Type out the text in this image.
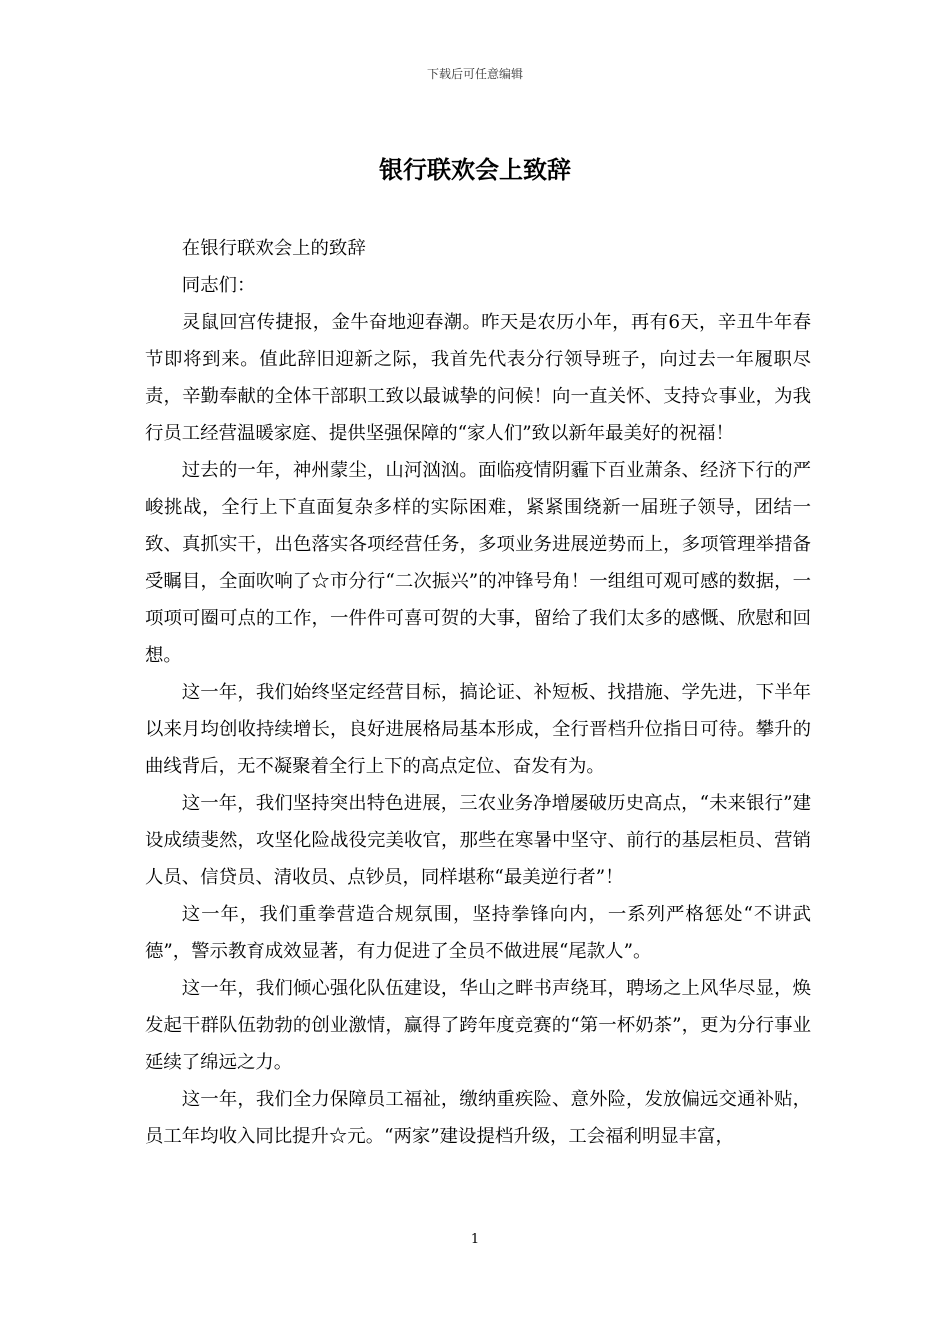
下载后可任意编辑
银行联欢会上致辞

在银行联欢会上的致辞

同志们：

灵鼠回宫传捷报，金牛奋地迎春潮。昨天是农历小年，再有6天，辛丑牛年春节即将到来。值此辞旧迎新之际，我首先代表分行领导班子，向过去一年履职尽责，辛勤奉献的全体干部职工致以最诚挚的问候！向一直关怀、支持☆事业，为我行员工经营温暖家庭、提供坚强保障的“家人们”致以新年最美好的祝福！

过去的一年，神州蒙尘，山河汹汹。面临疫情阴霾下百业萧条、经济下行的严峻挑战，全行上下直面复杂多样的实际困难，紧紧围绕新一届班子领导，团结一致、真抓实干，出色落实各项经营任务，多项业务进展逆势而上，多项管理举措备受瞩目，全面吹响了☆市分行“二次振兴”的冲锋号角！一组组可观可感的数据，一项项可圈可点的工作，一件件可喜可贺的大事，留给了我们太多的感慨、欣慰和回想。

这一年，我们始终坚定经营目标，搞论证、补短板、找措施、学先进，下半年以来月均创收持续增长，良好进展格局基本形成，全行晋档升位指日可待。攀升的曲线背后，无不凝聚着全行上下的高点定位、奋发有为。

这一年，我们坚持突出特色进展，三农业务净增屡破历史高点，“未来银行”建设成绩斐然，攻坚化险战役完美收官，那些在寒暑中坚守、前行的基层柜员、营销人员、信贷员、清收员、点钞员，同样堪称“最美逆行者”！

这一年，我们重拳营造合规氛围，坚持拳锋向内，一系列严格惩处“不讲武德”，警示教育成效显著，有力促进了全员不做进展“尾款人”。

这一年，我们倾心强化队伍建设，华山之畔书声绕耳，聘场之上风华尽显，焕发起干群队伍勃勃的创业激情，赢得了跨年度竞赛的“第一杯奶茶”，更为分行事业延续了绵远之力。

这一年，我们全力保障员工福祉，缴纳重疾险、意外险，发放偏远交通补贴，员工年均收入同比提升☆元。“两家”建设提档升级，工会福利明显丰富，

1
